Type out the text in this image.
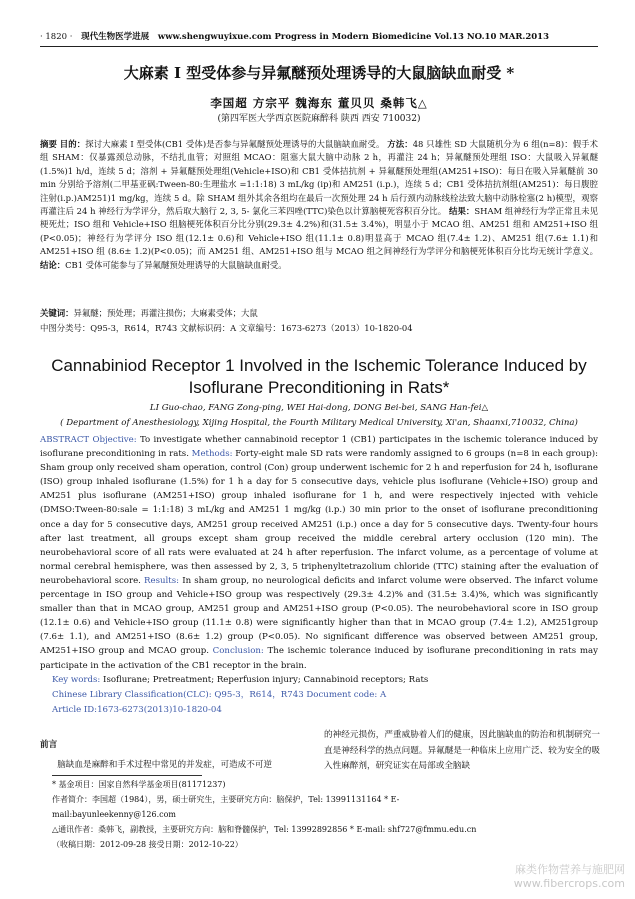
· 1820 · 现代生物医学进展 www.shengwuyixue.com Progress in Modern Biomedicine Vol.13 NO.10 MAR.2013
大麻素 I 型受体参与异氟醚预处理诱导的大鼠脑缺血耐受 *
李国超 方宗平 魏海东 董贝贝 桑韩飞△
(第四军医大学西京医院麻醉科 陕西 西安 710032)
摘要 目的：探讨大麻素 I 型受体(CB1 受体)是否参与异氟醚预处理诱导的大鼠脑缺血耐受。 方法：48 只雄性 SD 大鼠随机分为 6 组(n=8)：假手术组 SHAM：仅暴露颈总动脉，不结扎血管；对照组 MCAO：阻塞大鼠大脑中动脉 2 h，再灌注 24 h；异氟醚预处理组 ISO：大鼠吸入异氟醚(1.5%)1 h/d，连续 5 d；溶剂 + 异氟醚预处理组(Vehicle+ISO)和 CB1 受体拮抗剂 + 异氟醚预处理组(AM251+ISO)：每日在吸入异氟醚前 30 min 分别给予溶剂(二甲基亚砜:Tween-80:生理盐水 =1:1:18) 3 mL/kg (ip)和 AM251 (i.p.)，连续 5 d；CB1 受体拮抗剂组(AM251)：每日腹腔注射(i.p.)AM251)1 mg/kg，连续 5 d。除 SHAM 组外其余各组均在最后一次预处理 24 h 后行颈内动脉线栓法致大脑中动脉栓塞(2 h)模型，观察再灌注后 24 h 神经行为学评分，然后取大脑行 2, 3, 5- 氯化三苯四唑(TTC)染色以计算脑梗死容积百分比。 结果：SHAM 组神经行为学正常且未见梗死灶；ISO 组和 Vehicle+ISO 组脑梗死体积百分比分别(29.3± 4.2%)和(31.5± 3.4%)，明显小于 MCAO 组、AM251 组和 AM251+ISO 组(P<0.05)；神经行为学评分 ISO 组(12.1± 0.6)和 Vehicle+ISO 组(11.1± 0.8)明显高于 MCAO 组(7.4± 1.2)、AM251 组(7.6± 1.1)和 AM251+ISO 组 (8.6± 1.2)(P<0.05)；而 AM251 组、AM251+ISO 组与 MCAO 组之间神经行为学评分和脑梗死体积百分比均无统计学意义。 结论：CB1 受体可能参与了异氟醚预处理诱导的大鼠脑缺血耐受。
关键词：异氟醚；预处理；再灌注损伤；大麻素受体；大鼠
中图分类号：Q95-3，R614，R743 文献标识码：A 文章编号：1673-6273（2013）10-1820-04
Cannabiniod Receptor 1 Involved in the Ischemic Tolerance Induced by
Isoflurane Preconditioning in Rats*
LI Guo-chao, FANG Zong-ping, WEI Hai-dong, DONG Bei-bei, SANG Han-fei△
( Department of Anesthesiology, Xijing Hospital, the Fourth Military Medical University, Xi'an, Shaanxi,710032, China)
ABSTRACT Objective: To investigate whether cannabinoid receptor 1 (CB1) participates in the ischemic tolerance induced by isoflurane preconditioning in rats. Methods: Forty-eight male SD rats were randomly assigned to 6 groups (n=8 in each group): Sham group only received sham operation, control (Con) group underwent ischemic for 2 h and reperfusion for 24 h, isoflurane (ISO) group inhaled isoflurane (1.5%) for 1 h a day for 5 consecutive days, vehicle plus isoflurane (Vehicle+ISO) group and AM251 plus isoflurane (AM251+ISO) group inhaled isoflurane for 1 h, and were respectively injected with vehicle (DMSO:Tween-80:sale = 1:1:18) 3 mL/kg and AM251 1 mg/kg (i.p.) 30 min prior to the onset of isoflurane preconditioning once a day for 5 consecutive days, AM251 group received AM251 (i.p.) once a day for 5 consecutive days. Twenty-four hours after last treatment, all groups except sham group received the middle cerebral artery occlusion (120 min). The neurobehavioral score of all rats were evaluated at 24 h after reperfusion. The infarct volume, as a percentage of volume at normal cerebral hemisphere, was then assessed by 2, 3, 5 triphenyltetrazolium chloride (TTC) staining after the evaluation of neurobehavioral score. Results: In sham group, no neurological deficits and infarct volume were observed. The infarct volume percentage in ISO group and Vehicle+ISO group was respectively (29.3± 4.2)% and (31.5± 3.4)%, which was significantly smaller than that in MCAO group, AM251 group and AM251+ISO group (P<0.05). The neurobehavioral score in ISO group (12.1± 0.6) and Vehicle+ISO group (11.1± 0.8) were significantly higher than that in MCAO group (7.4± 1.2), AM251group (7.6± 1.1), and AM251+ISO (8.6± 1.2) group (P<0.05). No significant difference was observed between AM251 group, AM251+ISO group and MCAO group. Conclusion: The ischemic tolerance induced by isoflurane preconditioning in rats may participate in the activation of the CB1 receptor in the brain.
Key words: Isoflurane; Pretreatment; Reperfusion injury; Cannabinoid receptors; Rats
Chinese Library Classification(CLC): Q95-3，R614，R743 Document code: A
Article ID:1673-6273(2013)10-1820-04
前言
脑缺血是麻醉和手术过程中常见的并发症，可造成不可逆
的神经元损伤，严重威胁着人们的健康，因此脑缺血的防治和机制研究一直是神经科学的热点问题。异氟醚是一种临床上应用广泛、较为安全的吸入性麻醉剂，研究证实在局部或全脑缺
* 基金项目：国家自然科学基金项目(81171237)
作者简介：李国超（1984），男，硕士研究生，主要研究方向：脑保护，Tel: 13991131164 * E-mail:bayunleekenny@126.com
△通讯作者：桑韩飞，副教授，主要研究方向：脑和脊髓保护，Tel: 13992892856 * E-mail: shf727@fmmu.edu.cn
（收稿日期：2012-09-28 接受日期：2012-10-22）
麻类作物营养与施肥网
www.fibercrops.com
